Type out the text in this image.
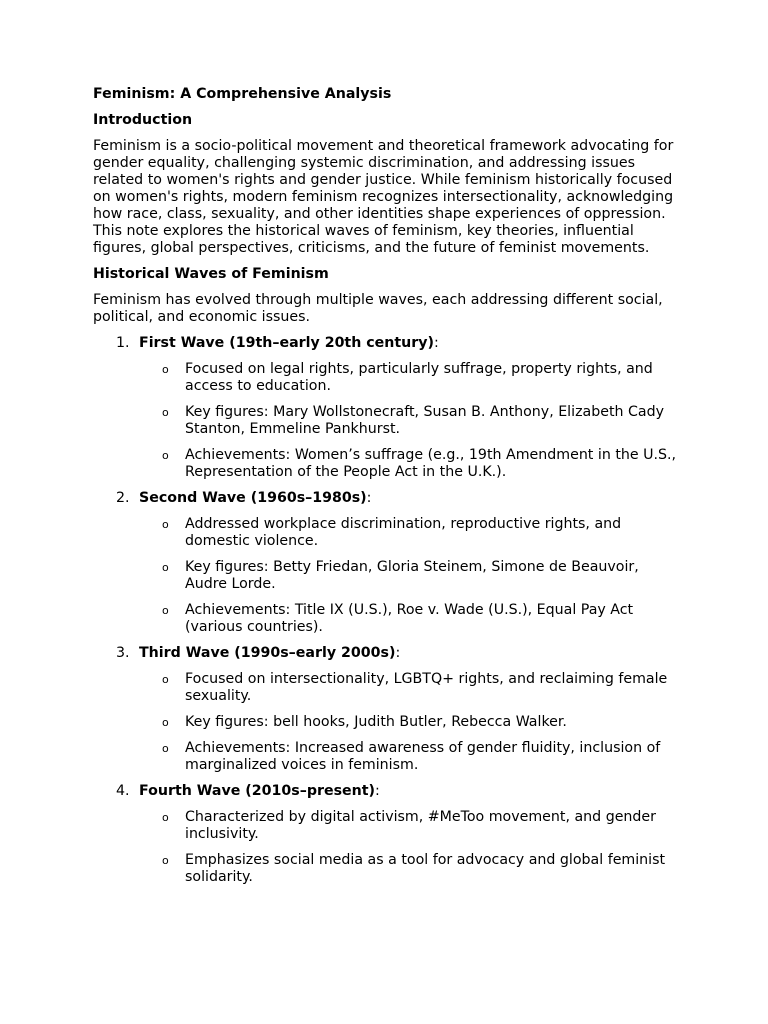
Feminism: A Comprehensive Analysis

Introduction

Feminism is a socio-political movement and theoretical framework advocating for gender equality, challenging systemic discrimination, and addressing issues related to women's rights and gender justice. While feminism historically focused on women's rights, modern feminism recognizes intersectionality, acknowledging how race, class, sexuality, and other identities shape experiences of oppression. This note explores the historical waves of feminism, key theories, influential figures, global perspectives, criticisms, and the future of feminist movements.

Historical Waves of Feminism

Feminism has evolved through multiple waves, each addressing different social, political, and economic issues.

1. First Wave (19th–early 20th century):
o Focused on legal rights, particularly suffrage, property rights, and access to education.
o Key figures: Mary Wollstonecraft, Susan B. Anthony, Elizabeth Cady Stanton, Emmeline Pankhurst.
o Achievements: Women’s suffrage (e.g., 19th Amendment in the U.S., Representation of the People Act in the U.K.).
2. Second Wave (1960s–1980s):
o Addressed workplace discrimination, reproductive rights, and domestic violence.
o Key figures: Betty Friedan, Gloria Steinem, Simone de Beauvoir, Audre Lorde.
o Achievements: Title IX (U.S.), Roe v. Wade (U.S.), Equal Pay Act (various countries).
3. Third Wave (1990s–early 2000s):
o Focused on intersectionality, LGBTQ+ rights, and reclaiming female sexuality.
o Key figures: bell hooks, Judith Butler, Rebecca Walker.
o Achievements: Increased awareness of gender fluidity, inclusion of marginalized voices in feminism.
4. Fourth Wave (2010s–present):
o Characterized by digital activism, #MeToo movement, and gender inclusivity.
o Emphasizes social media as a tool for advocacy and global feminist solidarity.
